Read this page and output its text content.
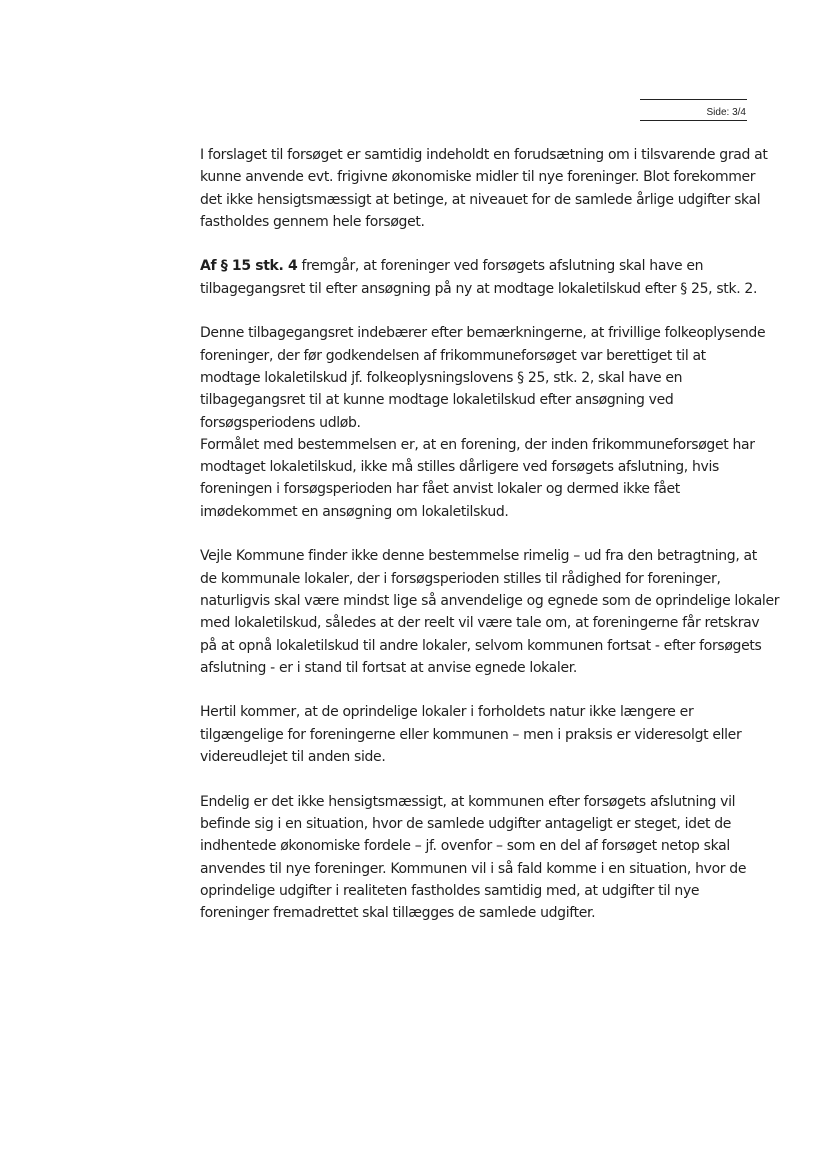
Side: 3/4

I forslaget til forsøget er samtidig indeholdt en forudsætning om i tilsvarende grad at
kunne anvende evt. frigivne økonomiske midler til nye foreninger. Blot forekommer
det ikke hensigtsmæssigt at betinge, at niveauet for de samlede årlige udgifter skal
fastholdes gennem hele forsøget.

Af § 15 stk. 4 fremgår, at foreninger ved forsøgets afslutning skal have en
tilbagegangsret til efter ansøgning på ny at modtage lokaletilskud efter § 25, stk. 2.

Denne tilbagegangsret indebærer efter bemærkningerne, at frivillige folkeoplysende
foreninger, der før godkendelsen af frikommuneforsøget var berettiget til at
modtage lokaletilskud jf. folkeoplysningslovens § 25, stk. 2, skal have en
tilbagegangsret til at kunne modtage lokaletilskud efter ansøgning ved
forsøgsperiodens udløb.

Formålet med bestemmelsen er, at en forening, der inden frikommuneforsøget har
modtaget lokaletilskud, ikke må stilles dårligere ved forsøgets afslutning, hvis
foreningen i forsøgsperioden har fået anvist lokaler og dermed ikke fået
imødekommet en ansøgning om lokaletilskud.

Vejle Kommune finder ikke denne bestemmelse rimelig – ud fra den betragtning, at
de kommunale lokaler, der i forsøgsperioden stilles til rådighed for foreninger,
naturligvis skal være mindst lige så anvendelige og egnede som de oprindelige lokaler
med lokaletilskud, således at der reelt vil være tale om, at foreningerne får retskrav
på at opnå lokaletilskud til andre lokaler, selvom kommunen fortsat - efter forsøgets
afslutning - er i stand til fortsat at anvise egnede lokaler.

Hertil kommer, at de oprindelige lokaler i forholdets natur ikke længere er
tilgængelige for foreningerne eller kommunen – men i praksis er videresolgt eller
videreudlejet til anden side.

Endelig er det ikke hensigtsmæssigt, at kommunen efter forsøgets afslutning vil
befinde sig i en situation, hvor de samlede udgifter antageligt er steget, idet de
indhentede økonomiske fordele – jf. ovenfor – som en del af forsøget netop skal
anvendes til nye foreninger. Kommunen vil i så fald komme i en situation, hvor de
oprindelige udgifter i realiteten fastholdes samtidig med, at udgifter til nye
foreninger fremadrettet skal tillægges de samlede udgifter.
